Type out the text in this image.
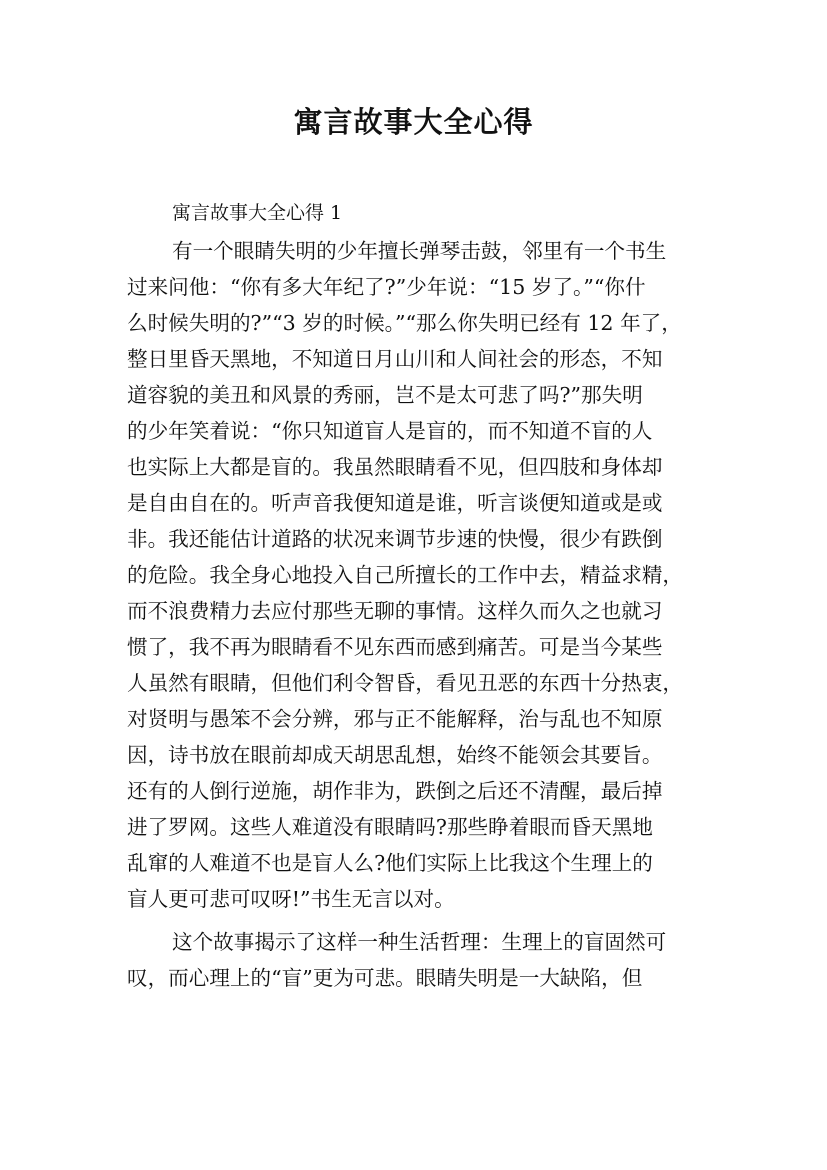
寓言故事大全心得

寓言故事大全心得 1

有一个眼睛失明的少年擅长弹琴击鼓，邻里有一个书生
过来问他：“你有多大年纪了?”少年说：“15 岁了。”“你什
么时候失明的?”“3 岁的时候。”“那么你失明已经有 12 年了，
整日里昏天黑地，不知道日月山川和人间社会的形态，不知
道容貌的美丑和风景的秀丽，岂不是太可悲了吗?”那失明
的少年笑着说：“你只知道盲人是盲的，而不知道不盲的人
也实际上大都是盲的。我虽然眼睛看不见，但四肢和身体却
是自由自在的。听声音我便知道是谁，听言谈便知道或是或
非。我还能估计道路的状况来调节步速的快慢，很少有跌倒
的危险。我全身心地投入自己所擅长的工作中去，精益求精，
而不浪费精力去应付那些无聊的事情。这样久而久之也就习
惯了，我不再为眼睛看不见东西而感到痛苦。可是当今某些
人虽然有眼睛，但他们利令智昏，看见丑恶的东西十分热衷，
对贤明与愚笨不会分辨，邪与正不能解释，治与乱也不知原
因，诗书放在眼前却成天胡思乱想，始终不能领会其要旨。
还有的人倒行逆施，胡作非为，跌倒之后还不清醒，最后掉
进了罗网。这些人难道没有眼睛吗?那些睁着眼而昏天黑地
乱窜的人难道不也是盲人么?他们实际上比我这个生理上的
盲人更可悲可叹呀!”书生无言以对。
这个故事揭示了这样一种生活哲理：生理上的盲固然可
叹，而心理上的“盲”更为可悲。眼睛失明是一大缺陷，但
